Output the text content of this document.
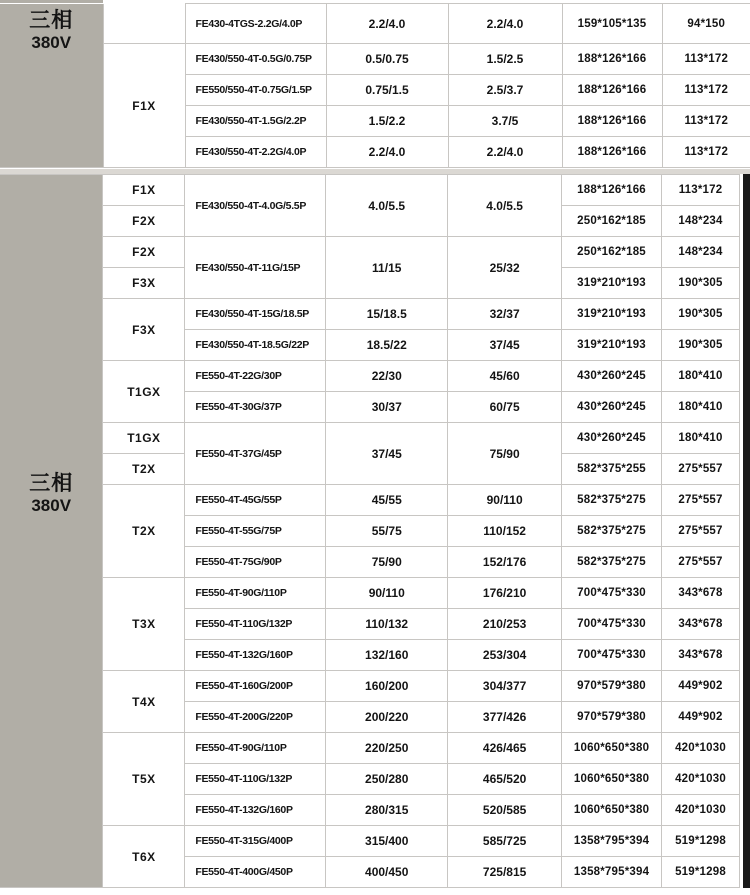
三相
380V		FE430-4TGS-2.2G/4.0P	2.2/4.0	2.2/4.0	159*105*135	94*150
	F1X	FE430/550-4T-0.5G/0.75P	0.5/0.75	1.5/2.5	188*126*166	113*172
		FE550/550-4T-0.75G/1.5P	0.75/1.5	2.5/3.7	188*126*166	113*172
		FE430/550-4T-1.5G/2.2P	1.5/2.2	3.7/5	188*126*166	113*172
		FE430/550-4T-2.2G/4.0P	2.2/4.0	2.2/4.0	188*126*166	113*172
三相
380V	F1X	FE430/550-4T-4.0G/5.5P	4.0/5.5	4.0/5.5	188*126*166	113*172
	F2X				250*162*185	148*234
	F2X	FE430/550-4T-11G/15P	11/15	25/32	250*162*185	148*234
	F3X				319*210*193	190*305
	F3X	FE430/550-4T-15G/18.5P	15/18.5	32/37	319*210*193	190*305
		FE430/550-4T-18.5G/22P	18.5/22	37/45	319*210*193	190*305
	T1GX	FE550-4T-22G/30P	22/30	45/60	430*260*245	180*410
		FE550-4T-30G/37P	30/37	60/75	430*260*245	180*410
	T1GX	FE550-4T-37G/45P	37/45	75/90	430*260*245	180*410
	T2X				582*375*255	275*557
	T2X	FE550-4T-45G/55P	45/55	90/110	582*375*275	275*557
		FE550-4T-55G/75P	55/75	110/152	582*375*275	275*557
		FE550-4T-75G/90P	75/90	152/176	582*375*275	275*557
	T3X	FE550-4T-90G/110P	90/110	176/210	700*475*330	343*678
		FE550-4T-110G/132P	110/132	210/253	700*475*330	343*678
		FE550-4T-132G/160P	132/160	253/304	700*475*330	343*678
	T4X	FE550-4T-160G/200P	160/200	304/377	970*579*380	449*902
		FE550-4T-200G/220P	200/220	377/426	970*579*380	449*902
	T5X	FE550-4T-90G/110P	220/250	426/465	1060*650*380	420*1030
		FE550-4T-110G/132P	250/280	465/520	1060*650*380	420*1030
		FE550-4T-132G/160P	280/315	520/585	1060*650*380	420*1030
	T6X	FE550-4T-315G/400P	315/400	585/725	1358*795*394	519*1298
		FE550-4T-400G/450P	400/450	725/815	1358*795*394	519*1298
